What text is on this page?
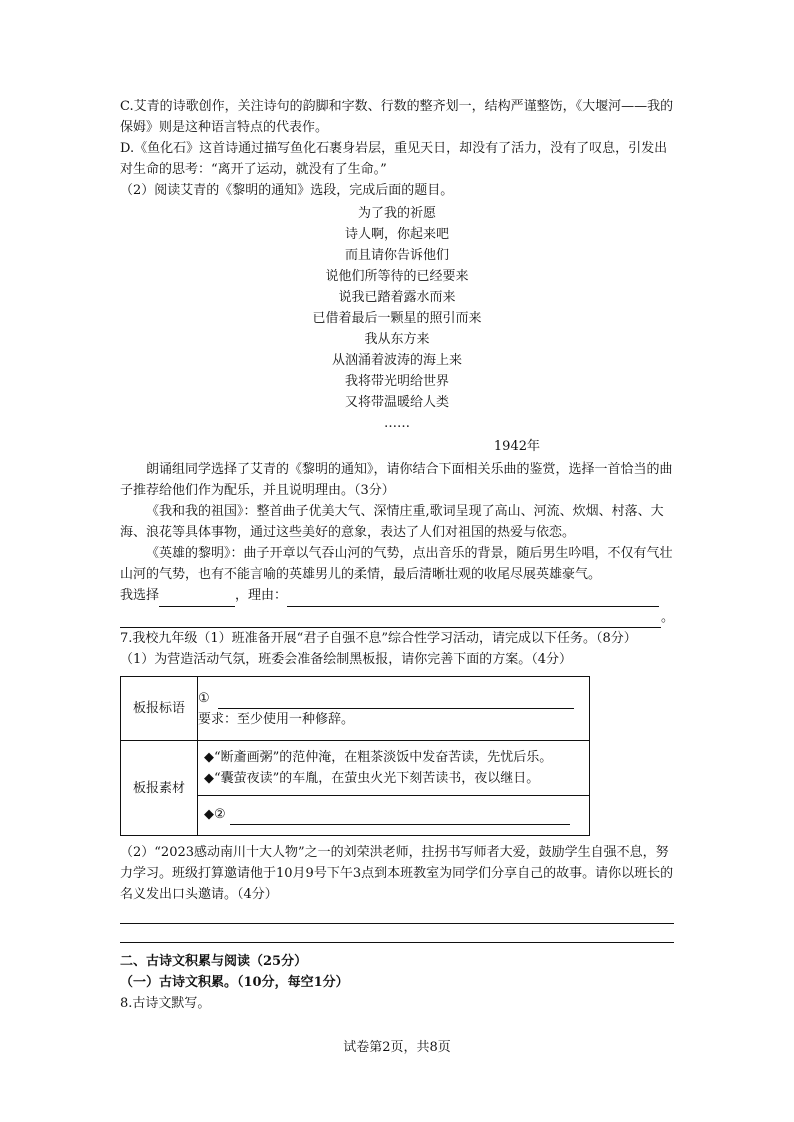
C.艾青的诗歌创作，关注诗句的韵脚和字数、行数的整齐划一，结构严谨整饬，《大堰河——我的保姆》则是这种语言特点的代表作。

D.《鱼化石》这首诗通过描写鱼化石裹身岩层，重见天日，却没有了活力，没有了叹息，引发出对生命的思考：“离开了运动，就没有了生命。”

（2）阅读艾青的《黎明的通知》选段，完成后面的题目。

为了我的祈愿
诗人啊，你起来吧
而且请你告诉他们
说他们所等待的已经要来
说我已踏着露水而来
已借着最后一颗星的照引而来
我从东方来
从汹涌着波涛的海上来
我将带光明给世界
又将带温暖给人类
……

1942年

朗诵组同学选择了艾青的《黎明的通知》，请你结合下面相关乐曲的鉴赏，选择一首恰当的曲子推荐给他们作为配乐，并且说明理由。（3分）

《我和我的祖国》：整首曲子优美大气、深情庄重,歌词呈现了高山、河流、炊烟、村落、大海、浪花等具体事物，通过这些美好的意象，表达了人们对祖国的热爱与依恋。

《英雄的黎明》：曲子开章以气吞山河的气势，点出音乐的背景，随后男生吟唱，不仅有气壮山河的气势，也有不能言喻的英雄男儿的柔情，最后清晰壮观的收尾尽展英雄豪气。

我选择	，理由：

。

7.我校九年级（1）班准备开展“君子自强不息”综合性学习活动，请完成以下任务。（8分）

（1）为营造活动气氛，班委会准备绘制黑板报，请你完善下面的方案。（4分）

板报标语	①

要求：至少使用一种修辞。

板报素材	◆“断齑画粥”的范仲淹，在粗茶淡饭中发奋苦读，先忧后乐。
◆“囊萤夜读”的车胤，在萤虫火光下刻苦读书，夜以继日。
◆②

（2）“2023感动南川十大人物”之一的刘荣洪老师，拄拐书写师者大爱，鼓励学生自强不息，努力学习。班级打算邀请他于10月9号下午3点到本班教室为同学们分享自己的故事。请你以班长的名义发出口头邀请。（4分）

二、古诗文积累与阅读（25分）

（一）古诗文积累。（10分，每空1分）

8.古诗文默写。

试卷第2页，共8页
